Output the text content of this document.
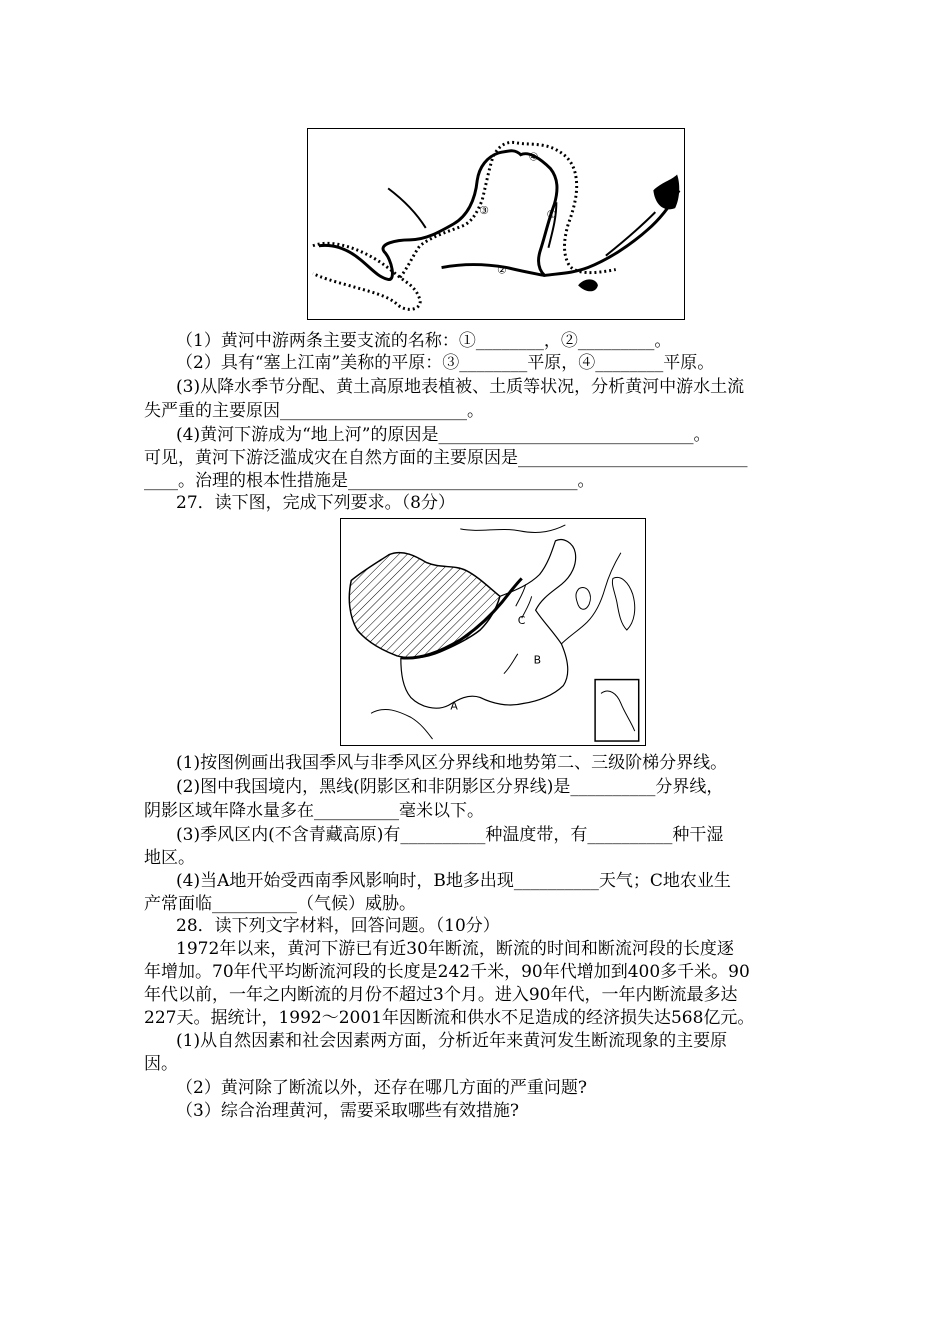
④
③	①
②
（1）黄河中游两条主要支流的名称：①________，②_________。
（2）具有“塞上江南”美称的平原：③________平原，④________平原。
(3)从降水季节分配、黄土高原地表植被、土质等状况，分析黄河中游水土流
失严重的主要原因______________________。
(4)黄河下游成为“地上河”的原因是______________________________。
可见，黄河下游泛滥成灾在自然方面的主要原因是___________________________
____。治理的根本性措施是___________________________。
27．读下图，完成下列要求。（8分）
A
B
C
(1)按图例画出我国季风与非季风区分界线和地势第二、三级阶梯分界线。
(2)图中我国境内，黑线(阴影区和非阴影区分界线)是__________分界线，
阴影区域年降水量多在__________毫米以下。
(3)季风区内(不含青藏高原)有__________种温度带，有__________种干湿
地区。
(4)当A地开始受西南季风影响时，B地多出现__________天气；C地农业生
产常面临__________（气候）威胁。
28．读下列文字材料，回答问题。（10分）
1972年以来，黄河下游已有近30年断流，断流的时间和断流河段的长度逐
年增加。70年代平均断流河段的长度是242千米，90年代增加到400多千米。90
年代以前，一年之内断流的月份不超过3个月。进入90年代，一年内断流最多达
227天。据统计，1992～2001年因断流和供水不足造成的经济损失达568亿元。
(1)从自然因素和社会因素两方面，分析近年来黄河发生断流现象的主要原
因。
（2）黄河除了断流以外，还存在哪几方面的严重问题?
（3）综合治理黄河，需要采取哪些有效措施?
